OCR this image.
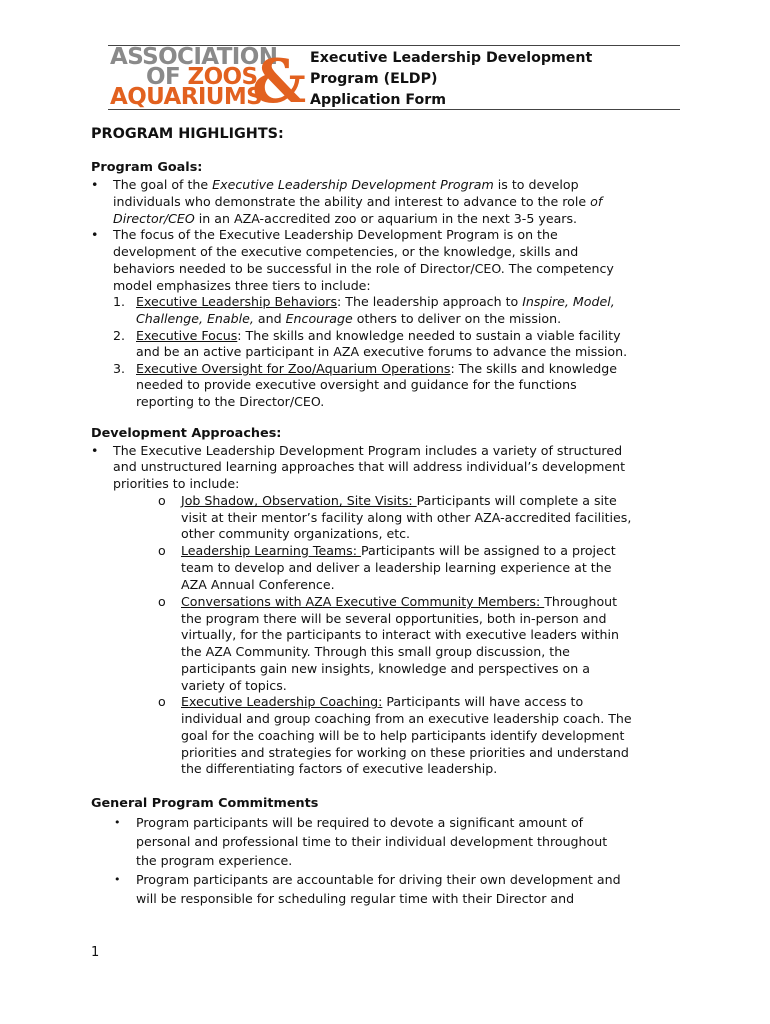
ASSOCIATION
OF ZOOS
AQUARIUMS
& Executive Leadership Development
Program (ELDP)
Application Form
PROGRAM HIGHLIGHTS:
Program Goals:
• The goal of the Executive Leadership Development Program is to develop
individuals who demonstrate the ability and interest to advance to the role of
Director/CEO in an AZA-accredited zoo or aquarium in the next 3-5 years.
• The focus of the Executive Leadership Development Program is on the
development of the executive competencies, or the knowledge, skills and
behaviors needed to be successful in the role of Director/CEO. The competency
model emphasizes three tiers to include:
1. Executive Leadership Behaviors: The leadership approach to Inspire, Model,
Challenge, Enable, and Encourage others to deliver on the mission.
2. Executive Focus: The skills and knowledge needed to sustain a viable facility
and be an active participant in AZA executive forums to advance the mission.
3. Executive Oversight for Zoo/Aquarium Operations: The skills and knowledge
needed to provide executive oversight and guidance for the functions
reporting to the Director/CEO.
Development Approaches:
• The Executive Leadership Development Program includes a variety of structured
and unstructured learning approaches that will address individual’s development
priorities to include:
o Job Shadow, Observation, Site Visits: Participants will complete a site
visit at their mentor’s facility along with other AZA-accredited facilities,
other community organizations, etc.
o Leadership Learning Teams: Participants will be assigned to a project
team to develop and deliver a leadership learning experience at the
AZA Annual Conference.
o Conversations with AZA Executive Community Members: Throughout
the program there will be several opportunities, both in-person and
virtually, for the participants to interact with executive leaders within
the AZA Community. Through this small group discussion, the
participants gain new insights, knowledge and perspectives on a
variety of topics.
o Executive Leadership Coaching: Participants will have access to
individual and group coaching from an executive leadership coach. The
goal for the coaching will be to help participants identify development
priorities and strategies for working on these priorities and understand
the differentiating factors of executive leadership.
General Program Commitments
• Program participants will be required to devote a significant amount of
personal and professional time to their individual development throughout
the program experience.
• Program participants are accountable for driving their own development and
will be responsible for scheduling regular time with their Director and
1
